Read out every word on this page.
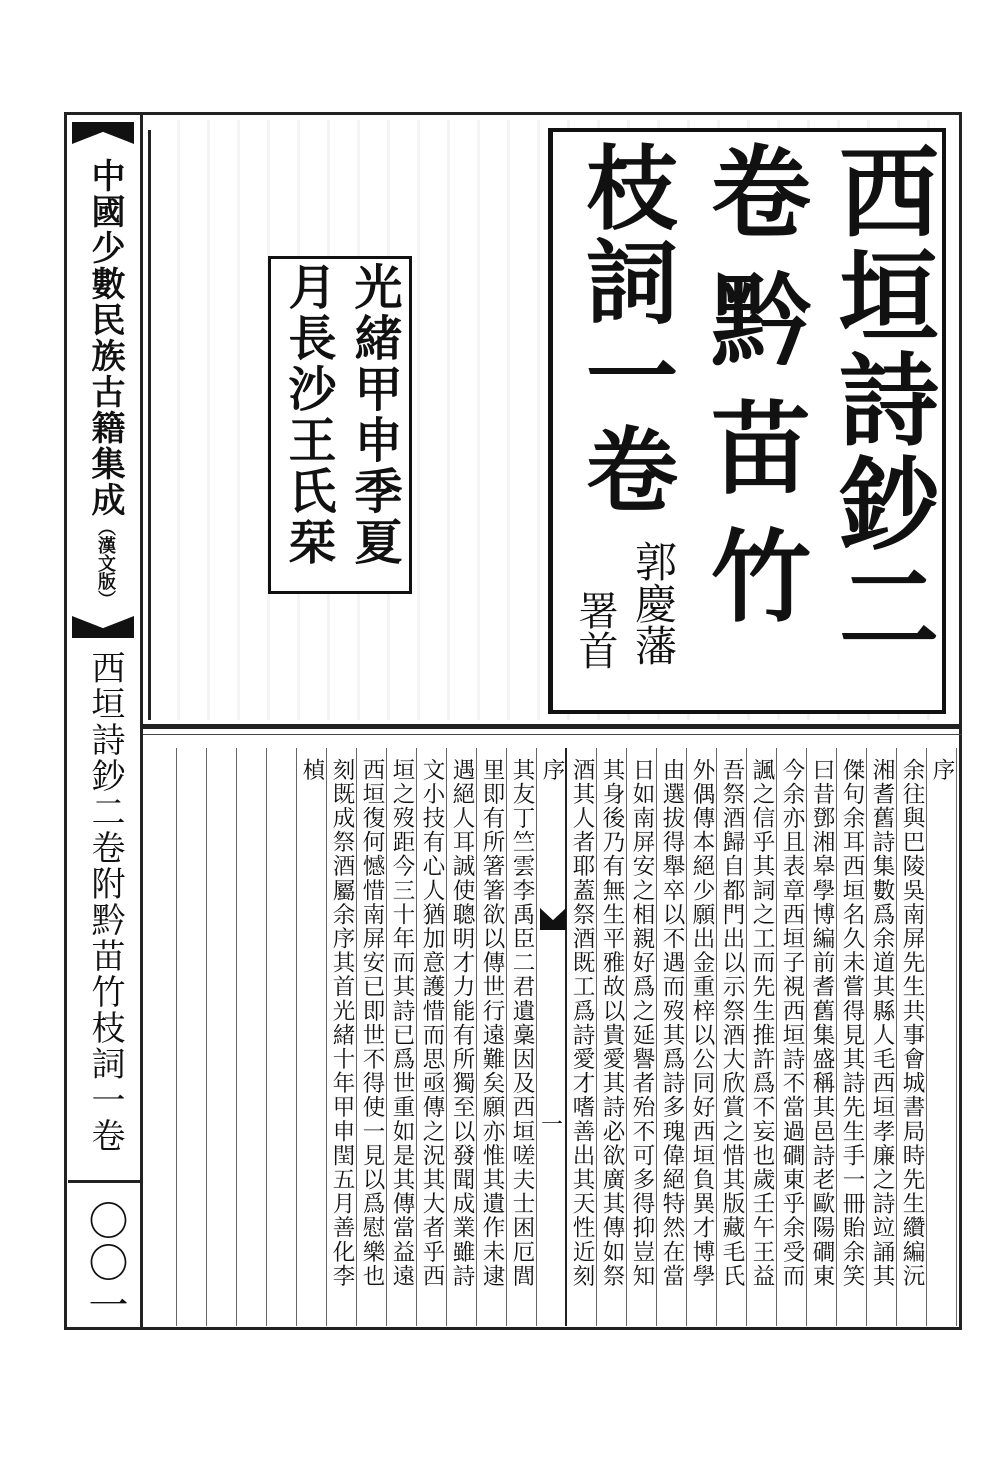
中國少數民族古籍集成（漢文版）
西垣詩鈔二卷附黔苗竹枝詞一卷
〇〇一
西垣詩鈔二
卷黔苗竹
枝詞一卷
郭慶藩
署首
光緒甲申季夏
月長沙王氏栞
序
余往與巴陵吳南屏先生共事會城書局時先生纘編沅
湘耆舊詩集數爲余道其縣人毛西垣孝廉之詩竝誦其
傑句余耳西垣名久未嘗得見其詩先生手一冊貽余笑
曰昔鄧湘皋學博編前耆舊集盛稱其邑詩老歐陽磵東
今余亦且表章西垣子視西垣詩不當過磵東乎余受而
諷之信乎其詞之工而先生推許爲不妄也歲壬午王益
吾祭酒歸自都門出以示祭酒大欣賞之惜其版藏毛氏
外偶傳本絕少願出金重梓以公同好西垣負異才博學
由選拔得舉卒以不遇而歿其爲詩多瑰偉絕特然在當
日如南屏安之相親好爲之延譽者殆不可多得抑豈知
其身後乃有無生平雅故以貴愛其詩必欲廣其傳如祭
酒其人者耶蓋祭酒既工爲詩愛才嗜善出其天性近刻
序
一
其友丁竺雲李禹臣二君遺稾因及西垣嗟夫士困厄閭
里即有所箸箸欲以傳世行遠難矣願亦惟其遺作未逮
遇絕人耳誠使聰明才力能有所獨至以發聞成業雖詩
文小技有心人猶加意護惜而思亟傳之況其大者乎西
垣之歿距今三十年而其詩已爲世重如是其傳當益遠
西垣復何憾惜南屏安已即世不得使一見以爲慰樂也
刻既成祭酒屬余序其首光緒十年甲申閏五月善化李
楨
